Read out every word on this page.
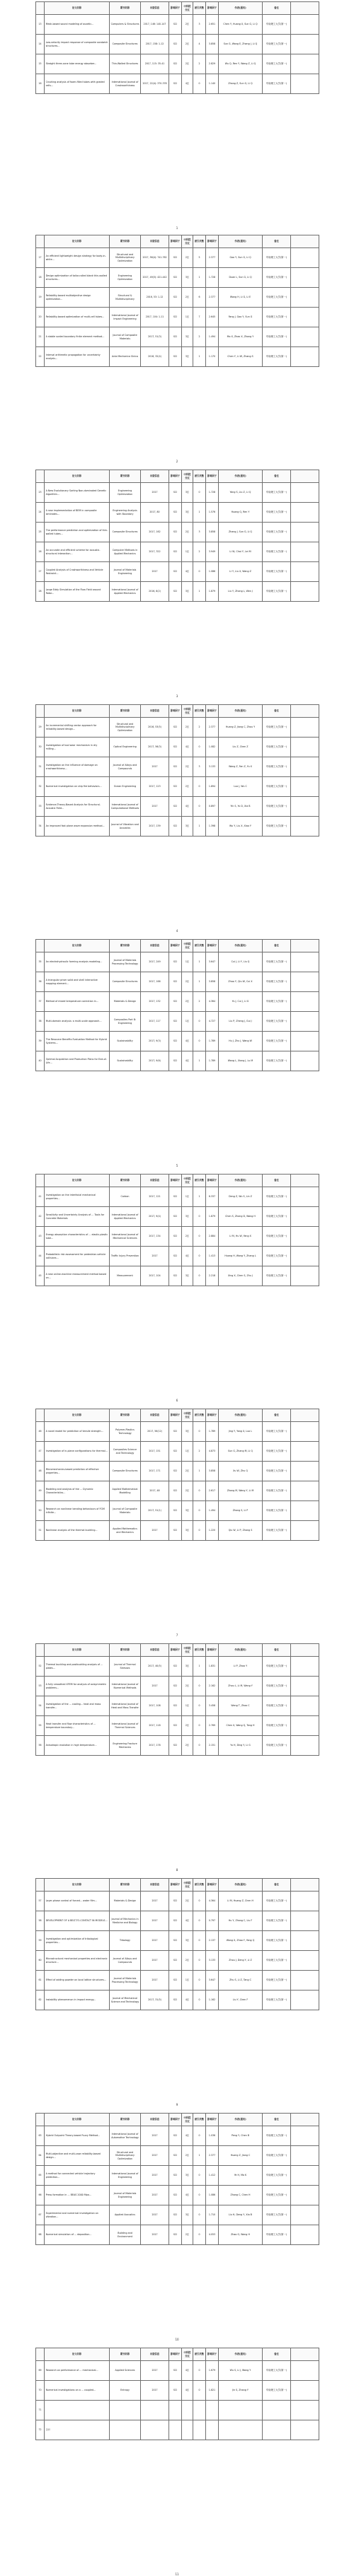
	论文名称	期刊名称	出版信息	影响因子	中科院分区	被引次数	影响因子	作者(通讯)	备注	
13	Mesh-based sound modeling of auxetic...	Computers & Structures	2017, 146: 140-147	SCI	2区	3	2.651	Chen Y, Huang X, Sun G, Li Q	华南理工大学(第一)	
14	Low-velocity impact response of composite sandwich structures...	Composite Structures	2017, 158: 1-12	SCI	2区	4	3.858	Sun G, Wang E, Zhang J, Li Q	华南理工大学(第一)	
15	Straight three-cone tube energy absorber...	Thin-Walled Structures	2017, 115: 35-41	SCI	2区	2	2.829	Wu Q, Ren Y, Wang Z, Li Q	华南理工大学(第一)	
16	Crushing analysis of foam-filled tubes with graded cells...	International Journal of Crashworthiness	2017, 22(4): 370-378	SCI	4区	0	1.140	Zhang Z, Sun G, Li Q	华南理工大学(第一)	
1
	论文名称	期刊名称	出版信息	影响因子	中科院分区	被引次数	影响因子	作者(通讯)	备注	
17	An efficient lightweight design strategy for body-in-white...	Structural and Multidisciplinary Optimization	2017, 56(4): 741-762	SCI	2区	5	2.377	Gao Y, Sun G, Li Q	华南理工大学(第一)	
18	Design optimization of tailor-rolled blank thin-walled structures...	Engineering Optimization	2017, 49(3): 421-442	SCI	3区	1	1.728	Duan L, Sun G, Li Q	华南理工大学(第一)	
19	Reliability-based multiobjective design optimization...	Structural & Multidisciplinary	2016, 53: 1-12	SCI	2区	6	2.377	Wang H, Li G, Li E	华南理工大学(第一)	
20	Reliability-based optimization of multi-cell tubes...	International Journal of Impact Engineering	2017, 104: 1-11	SCI	1区	7	2.645	Fang J, Gao Y, Sun G	华南理工大学(第一)	
21	A stable scaled boundary finite element method...	Journal of Composite Materials	2017, 51(3)	SCI	3区	2	1.494	Mo X, Zhao X, Zhang Y	华南理工大学(第一)	
22	Interval arithmetic propagation for uncertainty analysis...	Acta Mechanica Sinica	2016, 32(4)	SCI	3区	1	1.170	Chen Y, Li W, Zhang S	华南理工大学(第一)	
2
	论文名称	期刊名称	出版信息	影响因子	中科院分区	被引次数	影响因子	作者(通讯)	备注	
23	A New Evolutionary Sorting Non-dominated Genetic Algorithm...	Engineering Optimization	2017	SCI	3区	0	1.728	Yang S, Liu Z, Li Q	华南理工大学(第一)	
24	A new implementation of BEM in composite laminates...	Engineering Analysis with Boundary	2017, 80	SCI	3区	1	1.576	Huang Q, Ren Y	华南理工大学(第一)	
25	The performance prediction and optimization of thin-walled tubes...	Composite Structures	2017, 162	SCI	2区	3	3.858	Zhang J, Sun G, Li Q	华南理工大学(第一)	
26	An accurate and efficient scheme for acoustic-structural interaction...	Computer Methods in Applied Mechanics	2017, 322	SCI	1区	2	3.949	Li W, Chai Y, Lei M	华南理工大学(第一)	
27	Coupled Analysis of Crashworthiness and Vehicle Restraint...	Journal of Materials Engineering	2017	SCI	4区	0	1.086	Li Y, Liu X, Wang Z	华南理工大学(第一)	
28	Large Eddy Simulation of the Flow Field around Rotor...	International Journal of Applied Mechanics	2016, 8(2)	SCI	3区	1	1.879	Liu Y, Zhang L, Wen J	华南理工大学(第一)	
3
	论文名称	期刊名称	出版信息	影响因子	中科院分区	被引次数	影响因子	作者(通讯)	备注	
29	An incremental shifting vector approach for reliability-based design...	Structural and Multidisciplinary Optimization	2016, 53(5)	SCI	2区	2	2.377	Huang Z, Jiang C, Zhou Y	华南理工大学(第一)	
30	Investigation of tool wear mechanism in dry milling...	Optical Engineering	2017, 56(3)	SCI	4区	0	1.082	Liu Z, Chen Z	华南理工大学(第一)	
31	Investigation on the influence of damage on crashworthiness...	Journal of Alloys and Compounds	2017	SCI	2区	3	3.133	Wang Z, Fan Z, Yu X	华南理工大学(第一)	
32	Numerical investigation on ship fire behaviors...	Ocean Engineering	2017, 123	SCI	2区	0	1.894	Luo J, Wu C	华南理工大学(第一)	
33	Evidence-Theory-Based Analysis for Structural-Acoustic Field...	International Journal of Computational Methods	2017	SCI	4区	0	0.897	Yin S, Yu D, Xia B	华南理工大学(第一)	
34	An improved fast plane wave expansion method...	Journal of Vibration and Acoustics	2017, 139	SCI	3区	1	1.398	Wu Y, Liu X, Xiao Y	华南理工大学(第一)	
4
	论文名称	期刊名称	出版信息	影响因子	中科院分区	被引次数	影响因子	作者(通讯)	备注	
35	An electrohydraulic forming analysis modeling...	Journal of Materials Processing Technology	2017, 249	SCI	1区	1	3.647	Cui J, Li Y, Liu Q	华南理工大学(第一)	
36	A triangular prism solid and shell interactive mapping element...	Composite Structures	2017, 166	SCI	2区	1	3.858	Zhao Y, Qiu W, Cui X	华南理工大学(第一)	
37	Method of mixed temperature correction in...	Materials & Design	2017, 132	SCI	2区	2	4.364	Yu J, Cui J, Li G	华南理工大学(第一)	
38	Multi-domain analysis: a multi-scale approach...	Composites Part B: Engineering	2017, 117	SCI	1区	0	4.727	Liu P, Zheng J, Gui J	华南理工大学(第一)	
39	The Resource Benefits Evaluation Method for Hybrid Systems...	Sustainability	2017, 9(3)	SCI	4区	0	1.789	Hu J, Zhu J, Wang W	华南理工大学(第一)	
40	Optimal Acquisition and Production Plans for End-of-Life...	Sustainability	2017, 9(6)	SCI	4区	1	1.789	Wang L, Xiong J, Lu M	华南理工大学(第一)	
5
	论文名称	期刊名称	出版信息	影响因子	中科院分区	被引次数	影响因子	作者(通讯)	备注	
41	Investigation on the interfacial mechanical properties...	Carbon	2017, 121	SCI	1区	1	6.337	Deng Z, Wu S, Lin Z	华南理工大学(第一)	
42	Sensitivity and Uncertainty Analysis of ... Tools for Concrete Materials	International Journal of Applied Mechanics	2017, 9(4)	SCI	3区	0	1.879	Chen S, Zhang D, Wang H	华南理工大学(第一)	
43	Energy absorption characteristics of ... elastic-plastic tube...	International Journal of Mechanical Sciences	2017, 134	SCI	2区	0	2.884	Li M, Hu W, Yang X	华南理工大学(第一)	
44	Probabilistic risk assessment for pedestrian-vehicle collisions...	Traffic Injury Prevention	2017	SCI	4区	0	1.413	Huang H, Wang Y, Zhang L	华南理工大学(第一)	
45	A new online-machine measurement method based on...	Measurement	2017, 104	SCI	3区	0	2.218	Xing X, Chen S, Zhu J	华南理工大学(第一)	
6
	论文名称	期刊名称	出版信息	影响因子	中科院分区	被引次数	影响因子	作者(通讯)	备注	
46	A novel model for prediction of tensile strength...	Polymer-Plastics Technology	2017, 56(12)	SCI	3区	0	1.789	Jing Y, Yang X, Luo L	华南理工大学(第一)	
47	Investigation of in-plane configurations for thermal...	Composites Science and Technology	2017, 151	SCI	1区	2	4.873	Sun G, Zhang M, Li Q	华南理工大学(第一)	
48	Micromechanics-based prediction of effective properties...	Composite Structures	2017, 171	SCI	2区	1	3.858	Xu W, Zhu Q	华南理工大学(第一)	
49	Modeling and analysis of the ... Dynamic Characteristics...	Applied Mathematical Modelling	2017, 48	SCI	2区	0	2.617	Zhang M, Wang Y, Li M	华南理工大学(第一)	
50	Research on nonlinear bending behaviours of FGM infinite...	Journal of Composite Materials	2017, 51(1)	SCI	3区	0	1.494	Zhang S, Li P	华南理工大学(第一)	
51	Nonlinear analysis of the thermal buckling...	Applied Mathematics and Mechanics	2017	SCI	3区	0	1.220	Qiu W, Li P, Zhang S	华南理工大学(第一)	
7
	论文名称	期刊名称	出版信息	影响因子	中科院分区	被引次数	影响因子	作者(通讯)	备注	
52	Thermal buckling and postbuckling analysis of ... plates...	Journal of Thermal Stresses	2017, 40(5)	SCI	3区	1	1.831	Li P, Zhao Y	华南理工大学(第一)	
53	A fully smoothed XFEM for analysis of axisymmetric problems...	International Journal of Numerical Methods	2017	SCI	2区	0	2.162	Zhou L, Li M, Wang Y	华南理工大学(第一)	
54	Investigation of the ... cooling... heat and mass transfer...	International Journal of Heat and Mass Transfer	2017, 108	SCI	1区	0	3.458	Wang T, Zhao C	华南理工大学(第一)	
55	Heat transfer and flow characteristics of ... temperature boundary...	International Journal of Thermal Sciences	2017, 118	SCI	2区	0	2.769	Chen X, Wang Q, Tang H	华南理工大学(第一)	
56	Anisotropic evolution in high temperature...	Engineering Fracture Mechanics	2017, 178	SCI	2区	0	2.151	Yu H, Ding Y, Li G	华南理工大学(第一)	
8
	论文名称	期刊名称	出版信息	影响因子	中科院分区	被引次数	影响因子	作者(通讯)	备注	
57	Layer-phase control of forced... water film...	Materials & Design	2017	SCI	2区	0	4.364	Li M, Huang Z, Chen H	华南理工大学(第一)	
58	DEVELOPMENT OF A BELT-TO-CONTACT IN MODELS...	Journal of Mechanics in Medicine and Biology	2017	SCI	4区	0	0.797	Hu Y, Zhang C, Liu F	华南理工大学(第一)	
59	Investigation and optimization of tribological properties...	Tribology	2017	SCI	3区	0	2.137	Wang X, Zhao Y, Yang Q	华南理工大学(第一)	
60	Microstructural mechanical properties and electronic structure...	Journal of Alloys and Compounds	2017	SCI	2区	0	3.133	Zhou J, Deng Y, Li Z	华南理工大学(第一)	
61	Effect of adding powder on local lattice structures...	Journal of Materials Processing Technology	2017	SCI	1区	0	3.647	Zhu S, Li Z, Tang C	华南理工大学(第一)	
62	Instability phenomenon in impact energy...	Journal of Mechanical Science and Technology	2017, 31(5)	SCI	4区	0	1.162	Liu Y, Chen F	华南理工大学(第一)	
9
	论文名称	期刊名称	出版信息	影响因子	中科院分区	被引次数	影响因子	作者(通讯)	备注	
63	Hybrid Outpoint Theory-based Fuzzy Method...	International Journal of Automotive Technology	2017	SCI	4区	0	1.036	Peng Y, Chen B	华南理工大学(第一)	
64	Multi-objective and multi-case reliability-based design...	Structural and Multidisciplinary Optimization	2017	SCI	2区	1	2.377	Huang Z, Jiang C	华南理工大学(第一)	
65	A method for connected vehicle trajectory prediction...	International Journal of Engineering	2017	SCI	3区	0	1.412	Ye H, Ma K	华南理工大学(第一)	
66	Press formation in ... BEAS 2000 Mpa...	Journal of Materials Engineering	2017	SCI	4区	0	1.086	Zhang C, Chen H	华南理工大学(第一)	
67	Experimental and numerical investigation on vibration...	Applied Acoustics	2017	SCI	3区	0	1.710	Liu H, Deng Y, Xia B	华南理工大学(第一)	
68	Numerical simulation of ... deposition...	Building and Environment	2017	SCI	2区	0	4.053	Zhao G, Wang H	华南理工大学(第一)	
10
	论文名称	期刊名称	出版信息	影响因子	中科院分区	被引次数	影响因子	作者(通讯)	备注	
69	Research on performance of ... mechanical...	Applied Sciences	2017	SCI	4区	0	1.679	Wu S, Li J, Wang Y	华南理工大学(第一)	
70	Numerical investigations on a ... coupled...	Entropy	2017	SCI	4区	0	1.821	Jin S, Zhang Y	华南理工大学(第一)	
71										
72	合计									
11
